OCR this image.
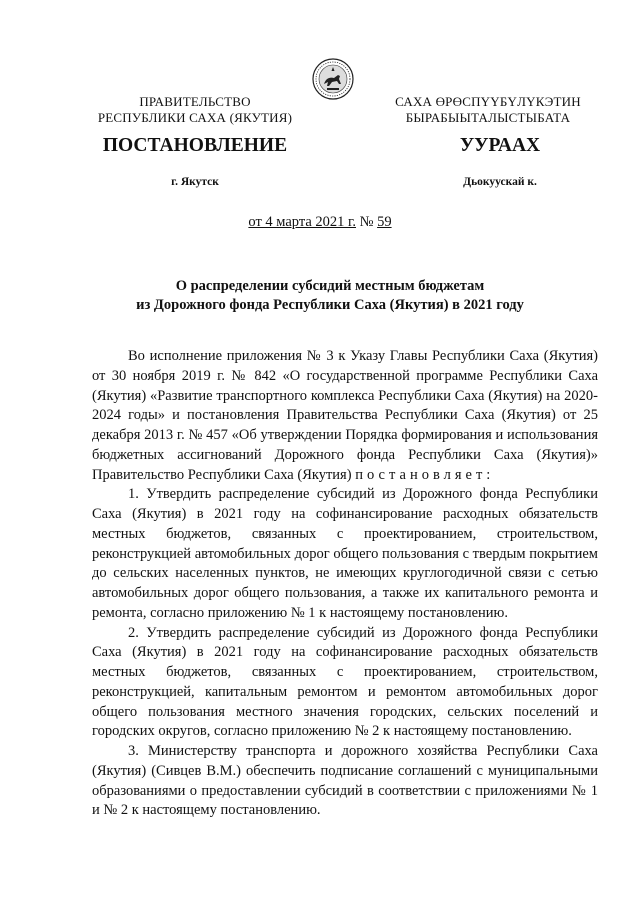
ПРАВИТЕЛЬСТВО
РЕСПУБЛИКИ САХА (ЯКУТИЯ)
САХА ӨРӨСПҮҮБҮЛҮКЭТИН
БЫРАБЫЫТАЛЫСТЫБАТА
ПОСТАНОВЛЕНИЕ	УУРААХ
г. Якутск	Дьокуускай к.
от 4 марта 2021 г. № 59
О распределении субсидий местным бюджетам
из Дорожного фонда Республики Саха (Якутия) в 2021 году

Во исполнение приложения № 3 к Указу Главы Республики Саха (Якутия) от 30 ноября 2019 г. № 842 «О государственной программе Республики Саха (Якутия) «Развитие транспортного комплекса Республики Саха (Якутия) на 2020-2024 годы» и постановления Правительства Республики Саха (Якутия) от 25 декабря 2013 г. № 457 «Об утверждении Порядка формирования и использования бюджетных ассигнований Дорожного фонда Республики Саха (Якутия)» Правительство Республики Саха (Якутия) постановляет:

1. Утвердить распределение субсидий из Дорожного фонда Республики Саха (Якутия) в 2021 году на софинансирование расходных обязательств местных бюджетов, связанных с проектированием, строительством, реконструкцией автомобильных дорог общего пользования с твердым покрытием до сельских населенных пунктов, не имеющих круглогодичной связи с сетью автомобильных дорог общего пользования, а также их капитального ремонта и ремонта, согласно приложению № 1 к настоящему постановлению.

2. Утвердить распределение субсидий из Дорожного фонда Республики Саха (Якутия) в 2021 году на софинансирование расходных обязательств местных бюджетов, связанных с проектированием, строительством, реконструкцией, капитальным ремонтом и ремонтом автомобильных дорог общего пользования местного значения городских, сельских поселений и городских округов, согласно приложению № 2 к настоящему постановлению.

3. Министерству транспорта и дорожного хозяйства Республики Саха (Якутия) (Сивцев В.М.) обеспечить подписание соглашений с муниципальными образованиями о предоставлении субсидий в соответствии с приложениями № 1 и № 2 к настоящему постановлению.
